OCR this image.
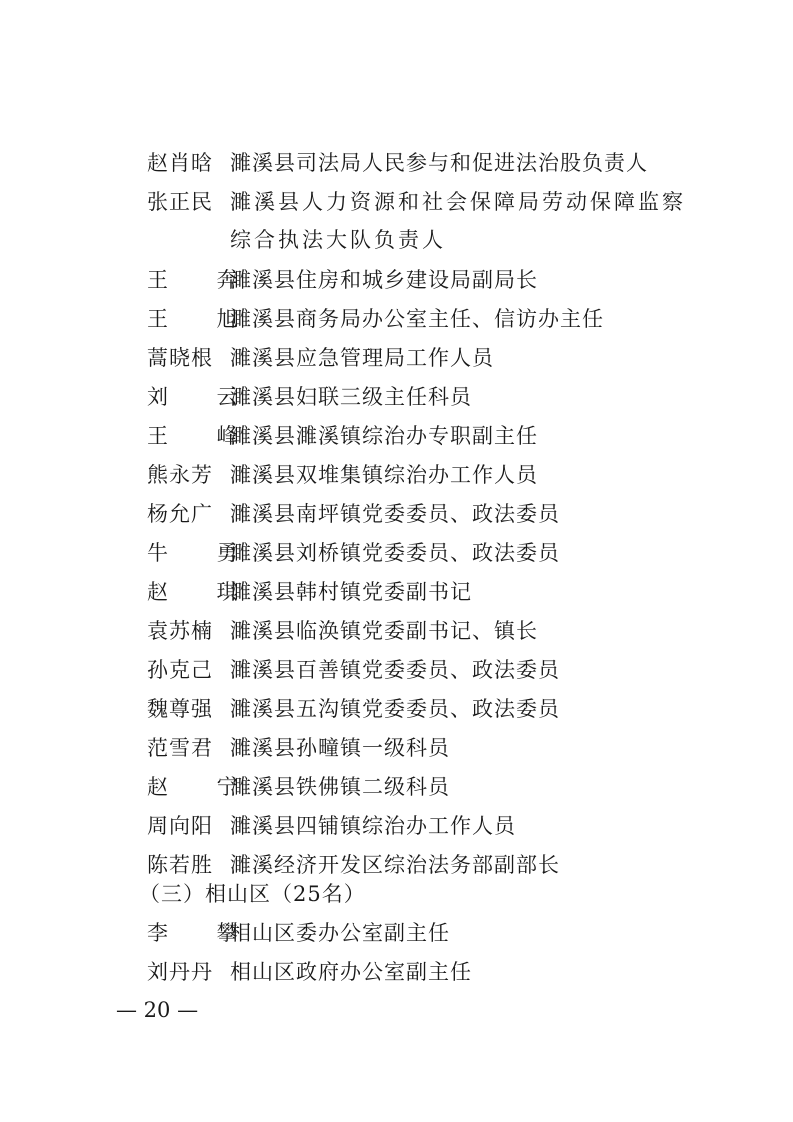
赵肖晗 濉溪县司法局人民参与和促进法治股负责人
张正民 濉溪县人力资源和社会保障局劳动保障监察综合执法大队负责人
王 奔
濉溪县住房和城乡建设局副局长
王 旭
濉溪县商务局办公室主任、信访办主任
蒿晓根 濉溪县应急管理局工作人员
刘 云
濉溪县妇联三级主任科员
王 峰
濉溪县濉溪镇综治办专职副主任
熊永芳 濉溪县双堆集镇综治办工作人员
杨允广 濉溪县南坪镇党委委员、政法委员
牛 勇
濉溪县刘桥镇党委委员、政法委员
赵 琪
濉溪县韩村镇党委副书记
袁苏楠 濉溪县临涣镇党委副书记、镇长
孙克己 濉溪县百善镇党委委员、政法委员
魏尊强 濉溪县五沟镇党委委员、政法委员
范雪君 濉溪县孙疃镇一级科员
赵 宁
濉溪县铁佛镇二级科员
周向阳 濉溪县四铺镇综治办工作人员
陈若胜 濉溪经济开发区综治法务部副部长
（三）相山区（25名）
李 攀
相山区委办公室副主任
刘丹丹 相山区政府办公室副主任
— 20 —
